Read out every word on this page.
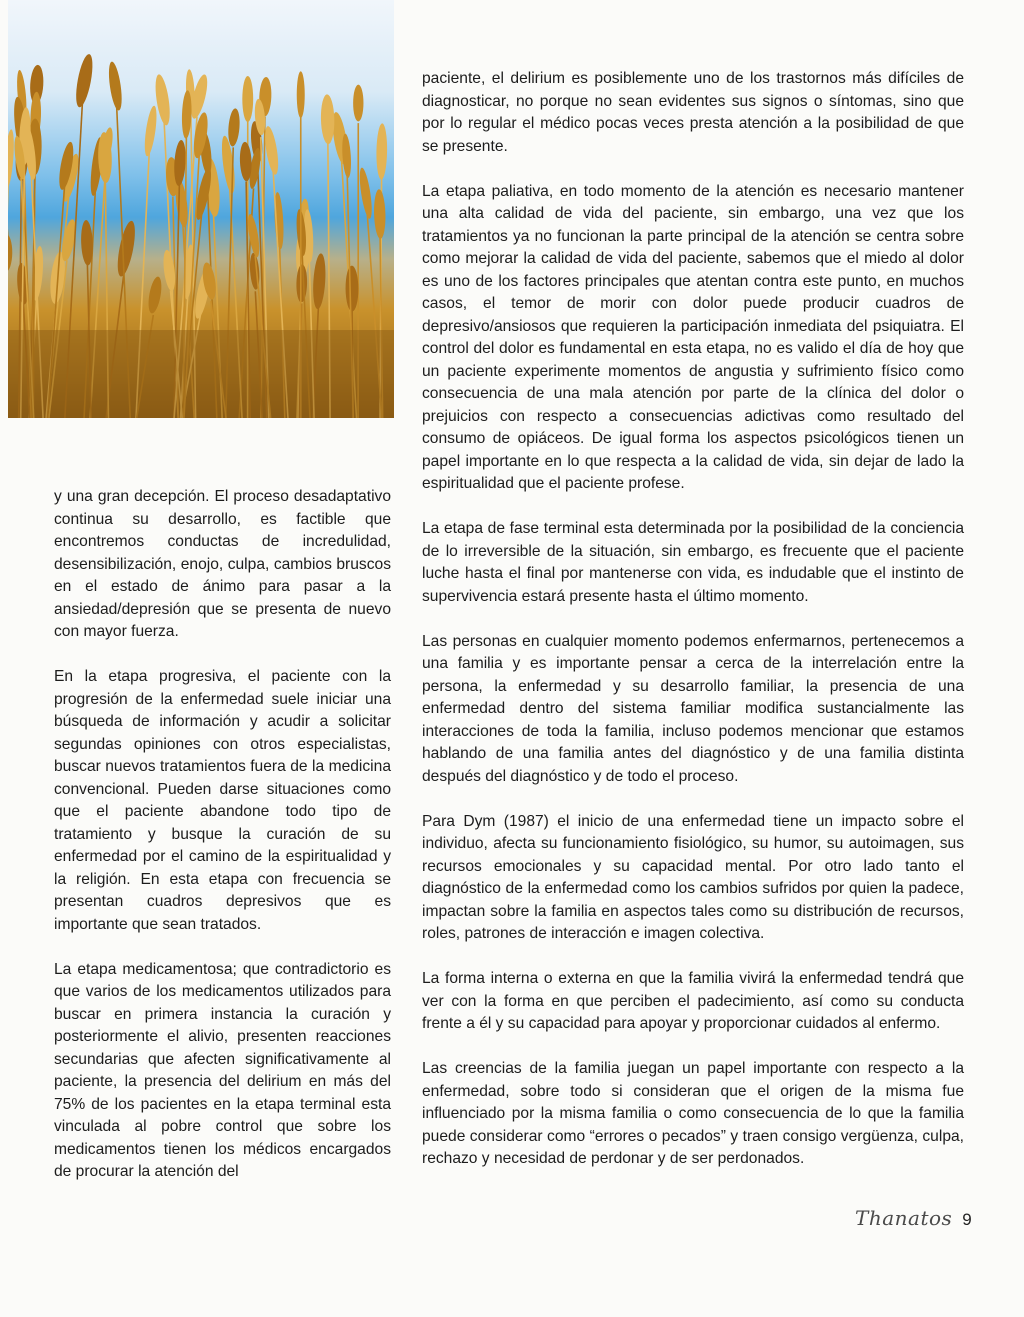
y una gran decepción. El proceso desadaptativo continua su desarrollo, es factible que encontremos conductas de incredulidad, desensibilización, enojo, culpa, cambios bruscos en el estado de ánimo para pasar a la ansiedad/depresión que se presenta de nuevo con mayor fuerza.

En la etapa progresiva, el paciente con la progresión de la enfermedad suele iniciar una búsqueda de información y acudir a solicitar segundas opiniones con otros especialistas, buscar nuevos tratamientos fuera de la medicina convencional. Pueden darse situaciones como que el paciente abandone todo tipo de tratamiento y busque la curación de su enfermedad por el camino de la espiritualidad y la religión. En esta etapa con frecuencia se presentan cuadros depresivos que es importante que sean tratados.

La etapa medicamentosa; que contradictorio es que varios de los medicamentos utilizados para buscar en primera instancia la curación y posteriormente el alivio, presenten reacciones secundarias que afecten significativamente al paciente, la presencia del delirium en más del 75% de los pacientes en la etapa terminal esta vinculada al pobre control que sobre los medicamentos tienen los médicos encargados de procurar la atención del

paciente, el delirium es posiblemente uno de los trastornos más difíciles de diagnosticar, no porque no sean evidentes sus signos o síntomas, sino que por lo regular el médico pocas veces presta atención a la posibilidad de que se presente.

La etapa paliativa, en todo momento de la atención es necesario mantener una alta calidad de vida del paciente, sin embargo, una vez que los tratamientos ya no funcionan la parte principal de la atención se centra sobre como mejorar la calidad de vida del paciente, sabemos que el miedo al dolor es uno de los factores principales que atentan contra este punto, en muchos casos, el temor de morir con dolor puede producir cuadros de depresivo/ansiosos que requieren la participación inmediata del psiquiatra. El control del dolor es fundamental en esta etapa, no es valido el día de hoy que un paciente experimente momentos de angustia y sufrimiento físico como consecuencia de una mala atención por parte de la clínica del dolor o prejuicios con respecto a consecuencias adictivas como resultado del consumo de opiáceos. De igual forma los aspectos psicológicos tienen un papel importante en lo que respecta a la calidad de vida, sin dejar de lado la espiritualidad que el paciente profese.

La etapa de fase terminal esta determinada por la posibilidad de la conciencia de lo irreversible de la situación, sin embargo, es frecuente que el paciente luche hasta el final por mantenerse con vida, es indudable que el instinto de supervivencia estará presente hasta el último momento.

Las personas en cualquier momento podemos enfermarnos, pertenecemos a una familia y es importante pensar a cerca de la interrelación entre la persona, la enfermedad y su desarrollo familiar, la presencia de una enfermedad dentro del sistema familiar modifica sustancialmente las interacciones de toda la familia, incluso podemos mencionar que estamos hablando de una familia antes del diagnóstico y de una familia distinta después del diagnóstico y de todo el proceso.

Para Dym (1987) el inicio de una enfermedad tiene un impacto sobre el individuo, afecta su funcionamiento fisiológico, su humor, su autoimagen, sus recursos emocionales y su capacidad mental. Por otro lado tanto el diagnóstico de la enfermedad como los cambios sufridos por quien la padece, impactan sobre la familia en aspectos tales como su distribución de recursos, roles, patrones de interacción e imagen colectiva.

La forma interna o externa en que la familia vivirá la enfermedad tendrá que ver con la forma en que perciben el padecimiento, así como su conducta frente a él y su capacidad para apoyar y proporcionar cuidados al enfermo.

Las creencias de la familia juegan un papel importante con respecto a la enfermedad, sobre todo si consideran que el origen de la misma fue influenciado por la misma familia o como consecuencia de lo que la familia puede considerar como “errores o pecados” y traen consigo vergüenza, culpa, rechazo y necesidad de perdonar y de ser perdonados.

Thanatos 9
